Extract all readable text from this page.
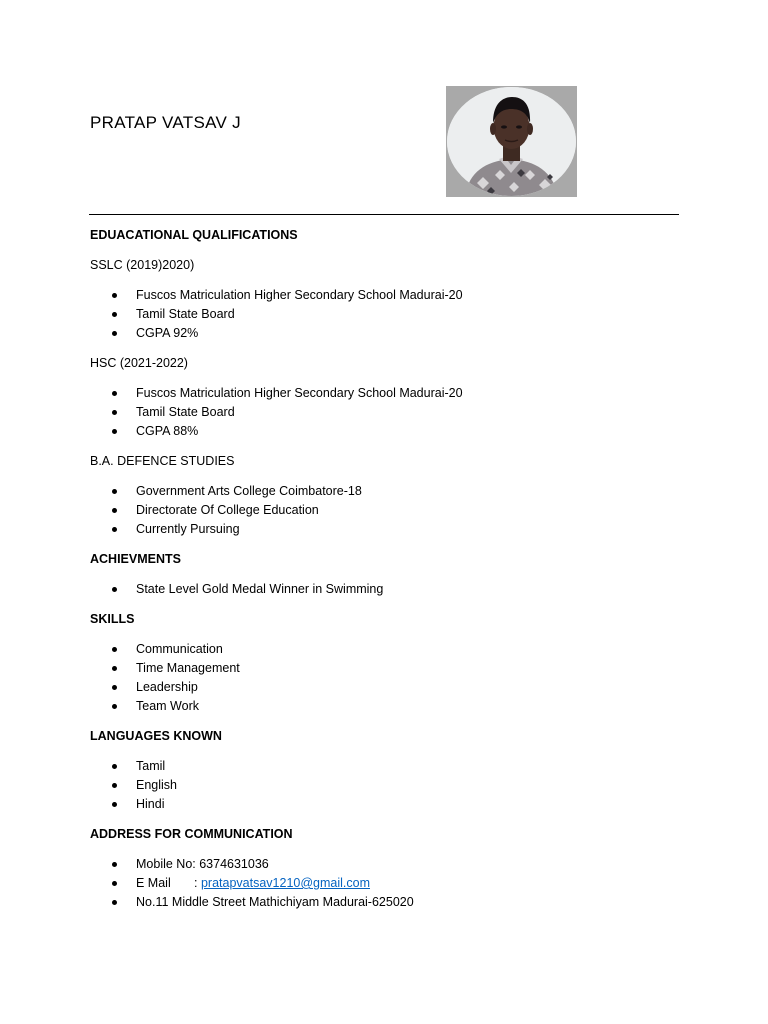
PRATAP VATSAV J
EDUACATIONAL QUALIFICATIONS
SSLC (2019)2020)
Fuscos Matriculation Higher Secondary School Madurai-20
Tamil State Board
CGPA 92%
HSC (2021-2022)
Fuscos Matriculation Higher Secondary School Madurai-20
Tamil State Board
CGPA 88%
B.A. DEFENCE STUDIES
Government Arts College Coimbatore-18
Directorate Of College Education
Currently Pursuing
ACHIEVMENTS
State Level Gold Medal Winner in Swimming
SKILLS
Communication
Time Management
Leadership
Team Work
LANGUAGES KNOWN
Tamil
English
Hindi
ADDRESS FOR COMMUNICATION
Mobile No: 6374631036
E Mail : pratapvatsav1210@gmail.com
No.11 Middle Street Mathichiyam Madurai-625020
